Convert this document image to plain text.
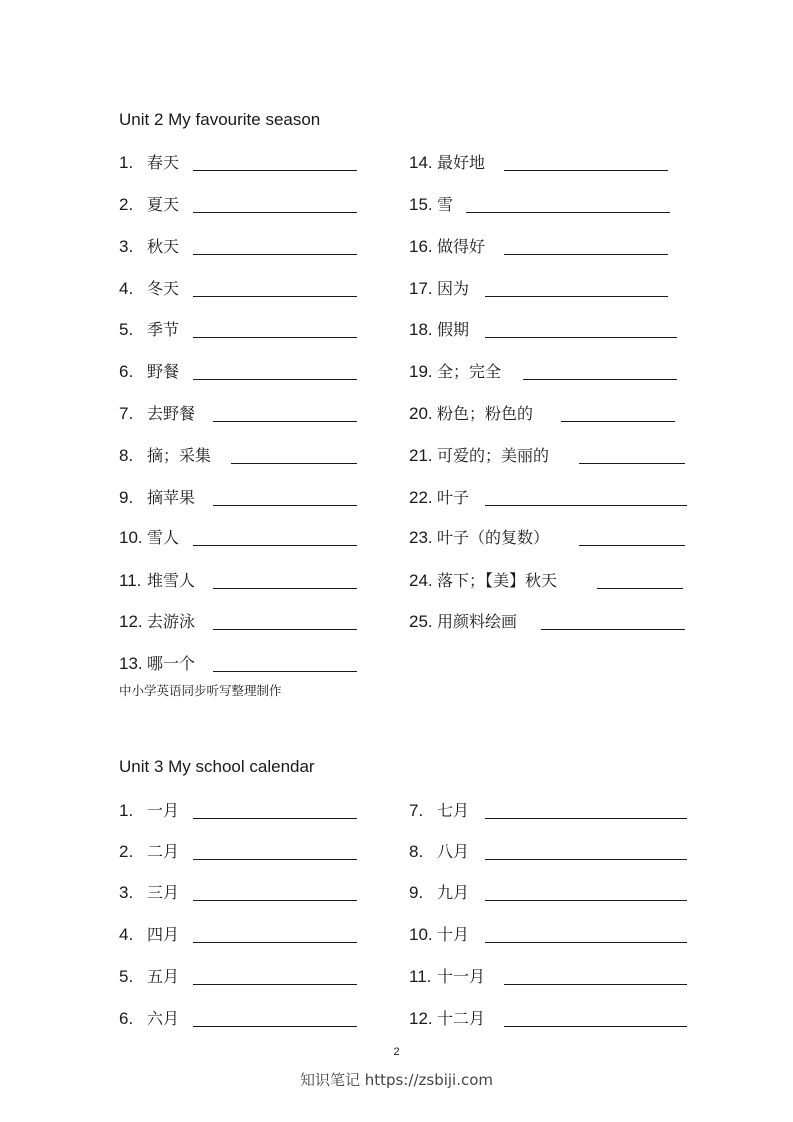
Unit 2 My favourite season
1. 春天
2. 夏天
3. 秋天
4. 冬天
5. 季节
6. 野餐
7. 去野餐
8. 摘；采集
9. 摘苹果
10. 雪人
11. 堆雪人
12. 去游泳
13. 哪一个
14. 最好地
15. 雪
16. 做得好
17. 因为
18. 假期
19. 全；完全
20. 粉色；粉色的
21. 可爱的；美丽的
22. 叶子
23. 叶子（的复数）
24. 落下；【美】秋天
25. 用颜料绘画
中小学英语同步听写整理制作
Unit 3 My school calendar
1. 一月
2. 二月
3. 三月
4. 四月
5. 五月
6. 六月
7. 七月
8. 八月
9. 九月
10. 十月
11. 十一月
12. 十二月
2
知识笔记 https://zsbiji.com
